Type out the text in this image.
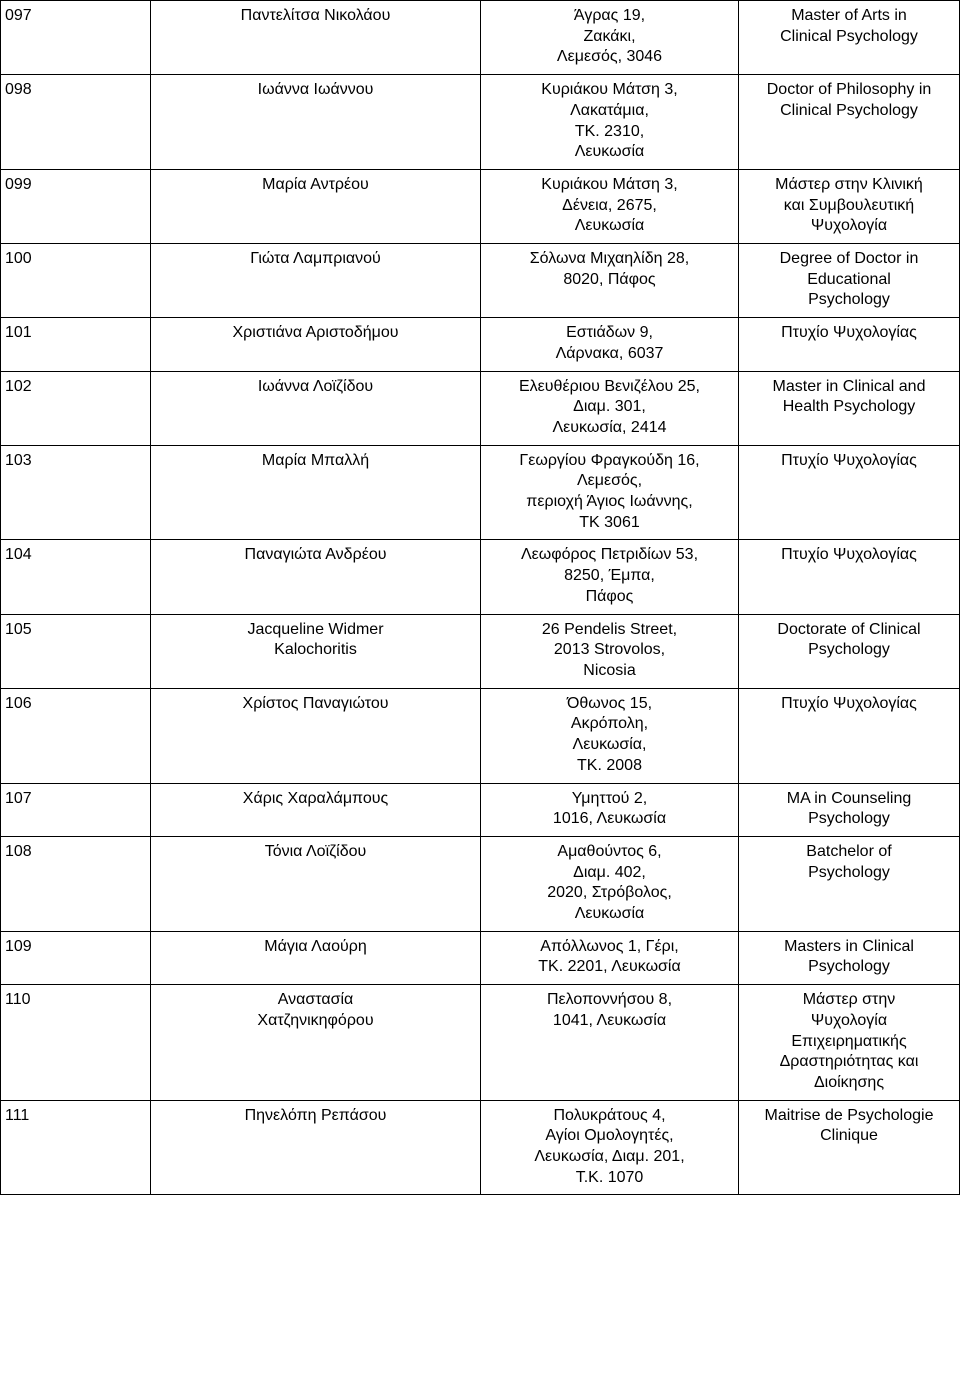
097	Παντελίτσα Νικολάου	Άγρας 19,
Ζακάκι,
Λεμεσός, 3046	Master of Arts in
Clinical Psychology
098	Ιωάννα Ιωάννου	Κυριάκου Μάτση 3,
Λακατάμια,
ΤΚ. 2310,
Λευκωσία	Doctor of Philosophy in
Clinical Psychology
099	Μαρία Αντρέου	Κυριάκου Μάτση 3,
Δένεια, 2675,
Λευκωσία	Μάστερ στην Κλινική
και Συμβουλευτική
Ψυχολογία
100	Γιώτα Λαμπριανού	Σόλωνα Μιχαηλίδη 28,
8020, Πάφος	Degree of Doctor in
Educational
Psychology
101	Χριστιάνα Αριστοδήμου	Εστιάδων 9,
Λάρνακα, 6037	Πτυχίο Ψυχολογίας
102	Ιωάννα Λοϊζίδου	Ελευθέριου Βενιζέλου 25,
Διαμ. 301,
Λευκωσία, 2414	Master in Clinical and
Health Psychology
103	Μαρία Μπαλλή	Γεωργίου Φραγκούδη 16,
Λεμεσός,
περιοχή Άγιος Ιωάννης,
ΤΚ 3061	Πτυχίο Ψυχολογίας
104	Παναγιώτα Ανδρέου	Λεωφόρος Πετριδίων 53,
8250, Έμπα,
Πάφος	Πτυχίο Ψυχολογίας
105	Jacqueline Widmer
Kalochoritis	26 Pendelis Street,
2013 Strovolos,
Nicosia	Doctorate of Clinical
Psychology
106	Χρίστος Παναγιώτου	Όθωνος 15,
Ακρόπολη,
Λευκωσία,
ΤΚ. 2008	Πτυχίο Ψυχολογίας
107	Χάρις Χαραλάμπους	Υμηττού 2,
1016, Λευκωσία	MA in Counseling
Psychology
108	Τόνια Λοϊζίδου	Αμαθούντος 6,
Διαμ. 402,
2020, Στρόβολος,
Λευκωσία	Batchelor of
Psychology
109	Μάγια Λαούρη	Απόλλωνος 1, Γέρι,
ΤΚ. 2201, Λευκωσία	Masters in Clinical
Psychology
110	Αναστασία
Χατζηνικηφόρου	Πελοποννήσου 8,
1041, Λευκωσία	Μάστερ στην
Ψυχολογία
Επιχειρηματικής
Δραστηριότητας και
Διοίκησης
111	Πηνελόπη Ρεπάσου	Πολυκράτους 4,
Αγίοι Ομολογητές,
Λευκωσία, Διαμ. 201,
Τ.Κ. 1070	Maitrise de Psychologie
Clinique
